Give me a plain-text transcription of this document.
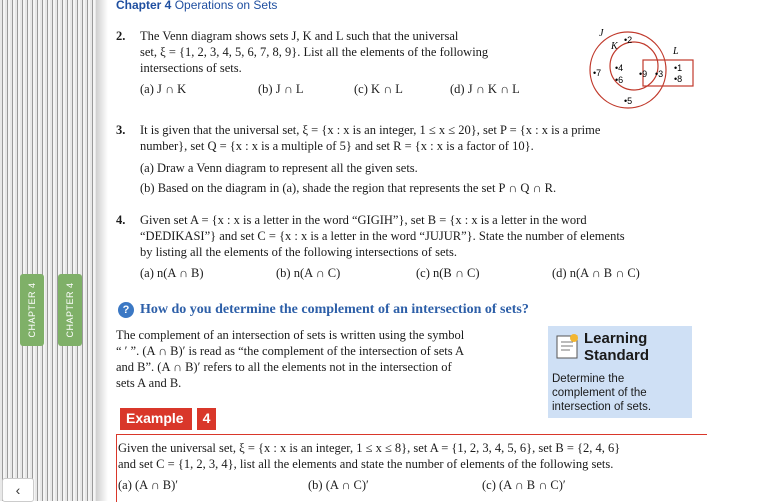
CHAPTER 4	CHAPTER 4
‹
Chapter 4 Operations on Sets
2. The Venn diagram shows sets J, K and L such that the universal
set, ξ = {1, 2, 3, 4, 5, 6, 7, 8, 9}. List all the elements of the following
intersections of sets.
(a) J ∩ K	(b) J ∩ L	(c) K ∩ L	(d) J ∩ K ∩ L
J
K	L
•2
•7 •4
•6
•9 •3
•1
•8
•5
3. It is given that the universal set, ξ = {x : x is an integer, 1 ≤ x ≤ 20}, set P = {x : x is a prime
number}, set Q = {x : x is a multiple of 5} and set R = {x : x is a factor of 10}.
(a) Draw a Venn diagram to represent all the given sets.
(b) Based on the diagram in (a), shade the region that represents the set P ∩ Q ∩ R.
4. Given set A = {x : x is a letter in the word “GIGIH”}, set B = {x : x is a letter in the word
“DEDIKASI”} and set C = {x : x is a letter in the word “JUJUR”}. State the number of elements
by listing all the elements of the following intersections of sets.
(a) n(A ∩ B)	(b) n(A ∩ C)	(c) n(B ∩ C)	(d) n(A ∩ B ∩ C)
? How do you determine the complement of an intersection of sets?
The complement of an intersection of sets is written using the symbol
“ ′ ”. (A ∩ B)′ is read as “the complement of the intersection of sets A
and B”. (A ∩ B)′ refers to all the elements not in the intersection of
sets A and B.
Learning
Standard
Determine the
complement of the
intersection of sets.
Example	4
Given the universal set, ξ = {x : x is an integer, 1 ≤ x ≤ 8}, set A = {1, 2, 3, 4, 5, 6}, set B = {2, 4, 6}
and set C = {1, 2, 3, 4}, list all the elements and state the number of elements of the following sets.
(a) (A ∩ B)′	(b) (A ∩ C)′	(c) (A ∩ B ∩ C)′
